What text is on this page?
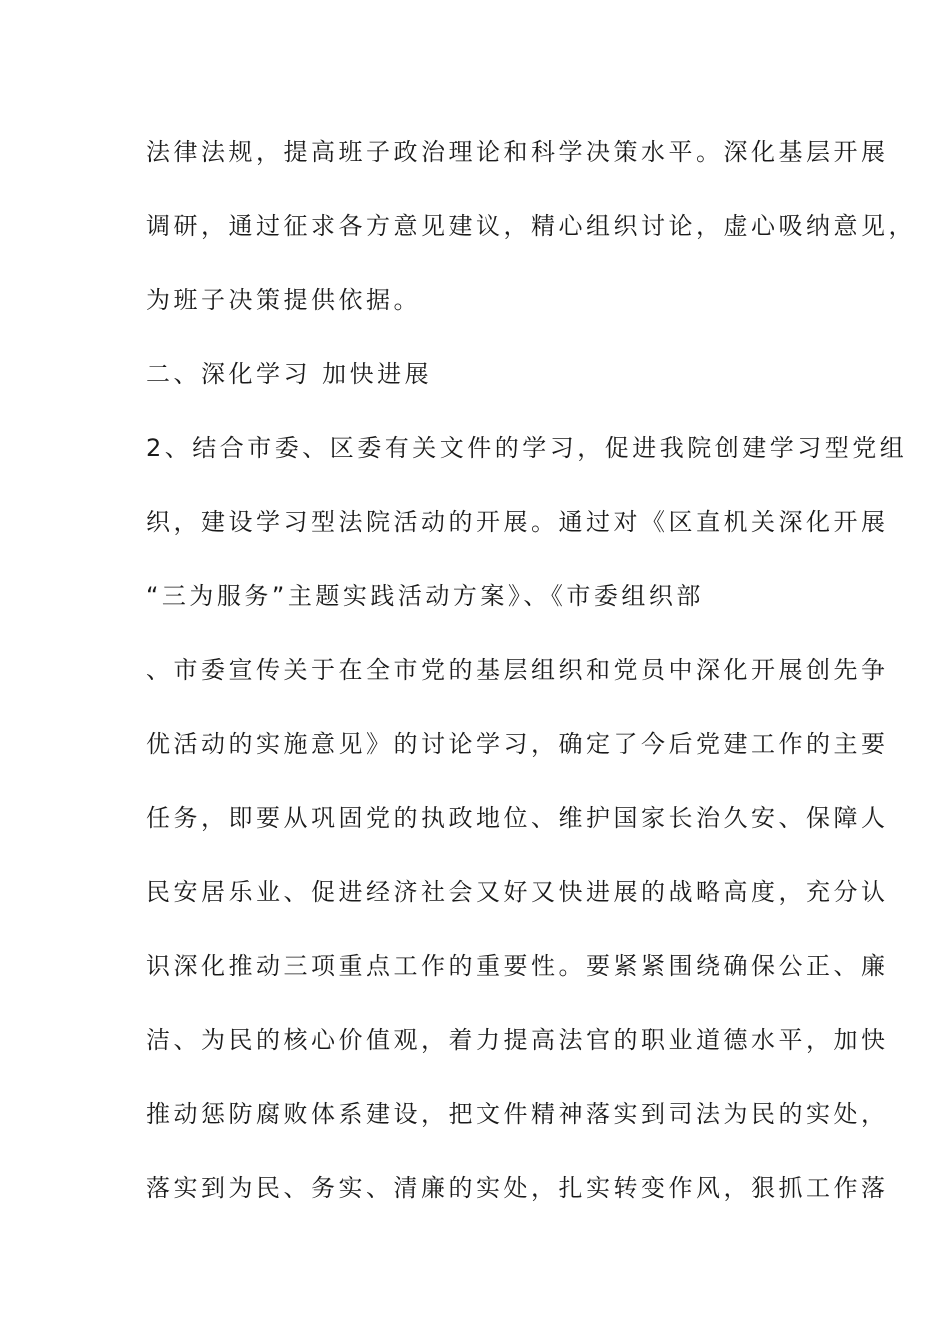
法律法规，提高班子政治理论和科学决策水平。深化基层开展
调研，通过征求各方意见建议，精心组织讨论，虚心吸纳意见，
为班子决策提供依据。
二、深化学习 加快进展
2、结合市委、区委有关文件的学习，促进我院创建学习型党组
织，建设学习型法院活动的开展。通过对《区直机关深化开展
“三为服务”主题实践活动方案》、《市委组织部
、市委宣传关于在全市党的基层组织和党员中深化开展创先争
优活动的实施意见》的讨论学习，确定了今后党建工作的主要
任务，即要从巩固党的执政地位、维护国家长治久安、保障人
民安居乐业、促进经济社会又好又快进展的战略高度，充分认
识深化推动三项重点工作的重要性。要紧紧围绕确保公正、廉
洁、为民的核心价值观，着力提高法官的职业道德水平，加快
推动惩防腐败体系建设，把文件精神落实到司法为民的实处，
落实到为民、务实、清廉的实处，扎实转变作风，狠抓工作落
